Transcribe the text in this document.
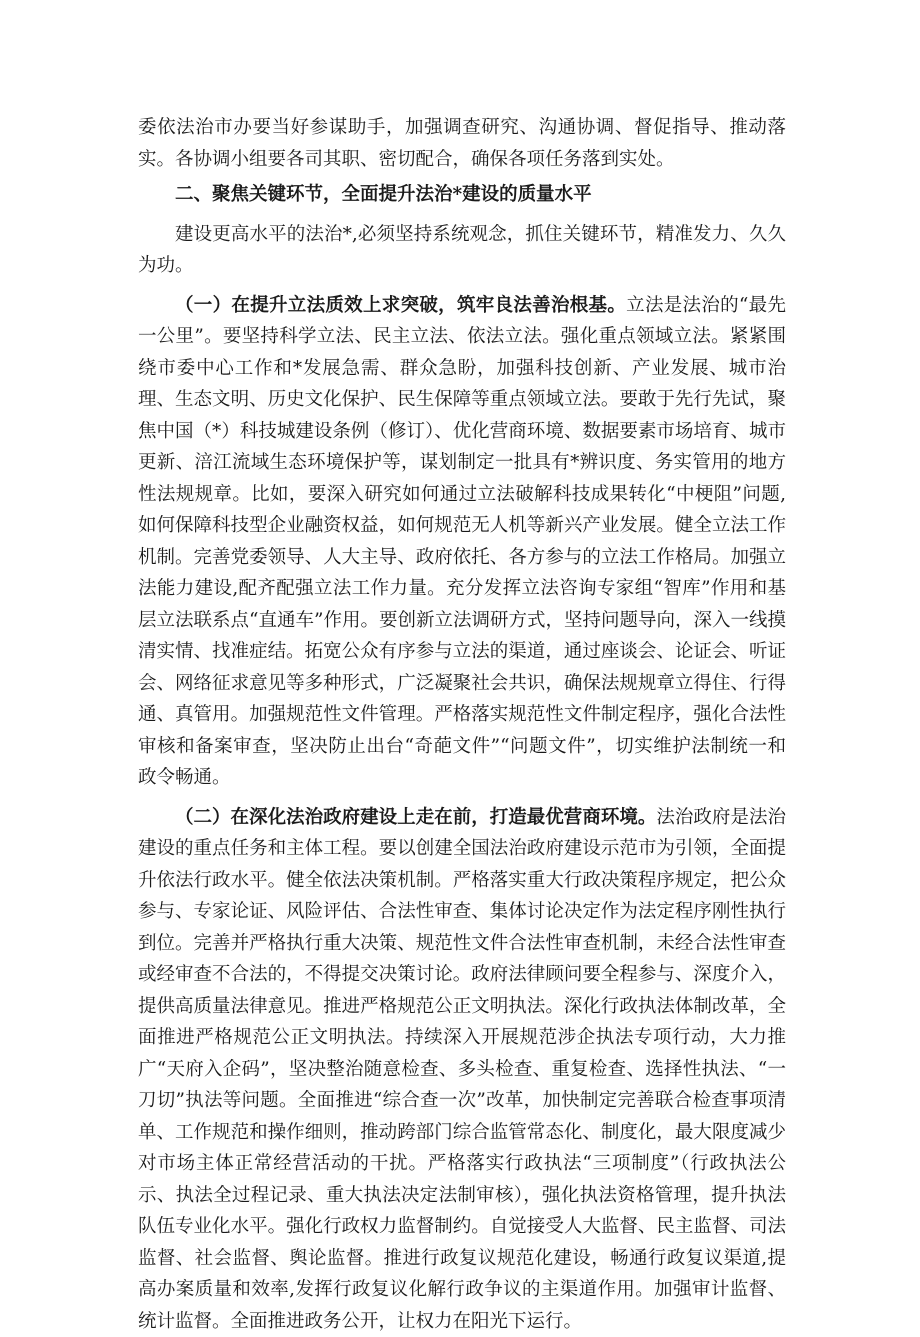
委依法治市办要当好参谋助手，加强调查研究、沟通协调、督促指导、推动落实。各协调小组要各司其职、密切配合，确保各项任务落到实处。

二、聚焦关键环节，全面提升法治*建设的质量水平

建设更高水平的法治*,必须坚持系统观念，抓住关键环节，精准发力、久久为功。

（一）在提升立法质效上求突破，筑牢良法善治根基。立法是法治的“最先一公里”。要坚持科学立法、民主立法、依法立法。强化重点领域立法。紧紧围绕市委中心工作和*发展急需、群众急盼，加强科技创新、产业发展、城市治理、生态文明、历史文化保护、民生保障等重点领域立法。要敢于先行先试，聚焦中国（*）科技城建设条例（修订）、优化营商环境、数据要素市场培育、城市更新、涪江流域生态环境保护等，谋划制定一批具有*辨识度、务实管用的地方性法规规章。比如，要深入研究如何通过立法破解科技成果转化“中梗阻”问题,如何保障科技型企业融资权益，如何规范无人机等新兴产业发展。健全立法工作机制。完善党委领导、人大主导、政府依托、各方参与的立法工作格局。加强立法能力建设,配齐配强立法工作力量。充分发挥立法咨询专家组“智库”作用和基层立法联系点“直通车”作用。要创新立法调研方式，坚持问题导向，深入一线摸清实情、找准症结。拓宽公众有序参与立法的渠道，通过座谈会、论证会、听证会、网络征求意见等多种形式，广泛凝聚社会共识，确保法规规章立得住、行得通、真管用。加强规范性文件管理。严格落实规范性文件制定程序，强化合法性审核和备案审查，坚决防止出台“奇葩文件”“问题文件”，切实维护法制统一和政令畅通。

（二）在深化法治政府建设上走在前，打造最优营商环境。法治政府是法治建设的重点任务和主体工程。要以创建全国法治政府建设示范市为引领，全面提升依法行政水平。健全依法决策机制。严格落实重大行政决策程序规定，把公众参与、专家论证、风险评估、合法性审查、集体讨论决定作为法定程序刚性执行到位。完善并严格执行重大决策、规范性文件合法性审查机制，未经合法性审查或经审查不合法的，不得提交决策讨论。政府法律顾问要全程参与、深度介入，提供高质量法律意见。推进严格规范公正文明执法。深化行政执法体制改革，全面推进严格规范公正文明执法。持续深入开展规范涉企执法专项行动，大力推广“天府入企码”，坚决整治随意检查、多头检查、重复检查、选择性执法、“一刀切”执法等问题。全面推进“综合查一次”改革，加快制定完善联合检查事项清单、工作规范和操作细则，推动跨部门综合监管常态化、制度化，最大限度减少对市场主体正常经营活动的干扰。严格落实行政执法“三项制度”（行政执法公示、执法全过程记录、重大执法决定法制审核），强化执法资格管理，提升执法队伍专业化水平。强化行政权力监督制约。自觉接受人大监督、民主监督、司法监督、社会监督、舆论监督。推进行政复议规范化建设，畅通行政复议渠道,提高办案质量和效率,发挥行政复议化解行政争议的主渠道作用。加强审计监督、统计监督。全面推进政务公开，让权力在阳光下运行。
